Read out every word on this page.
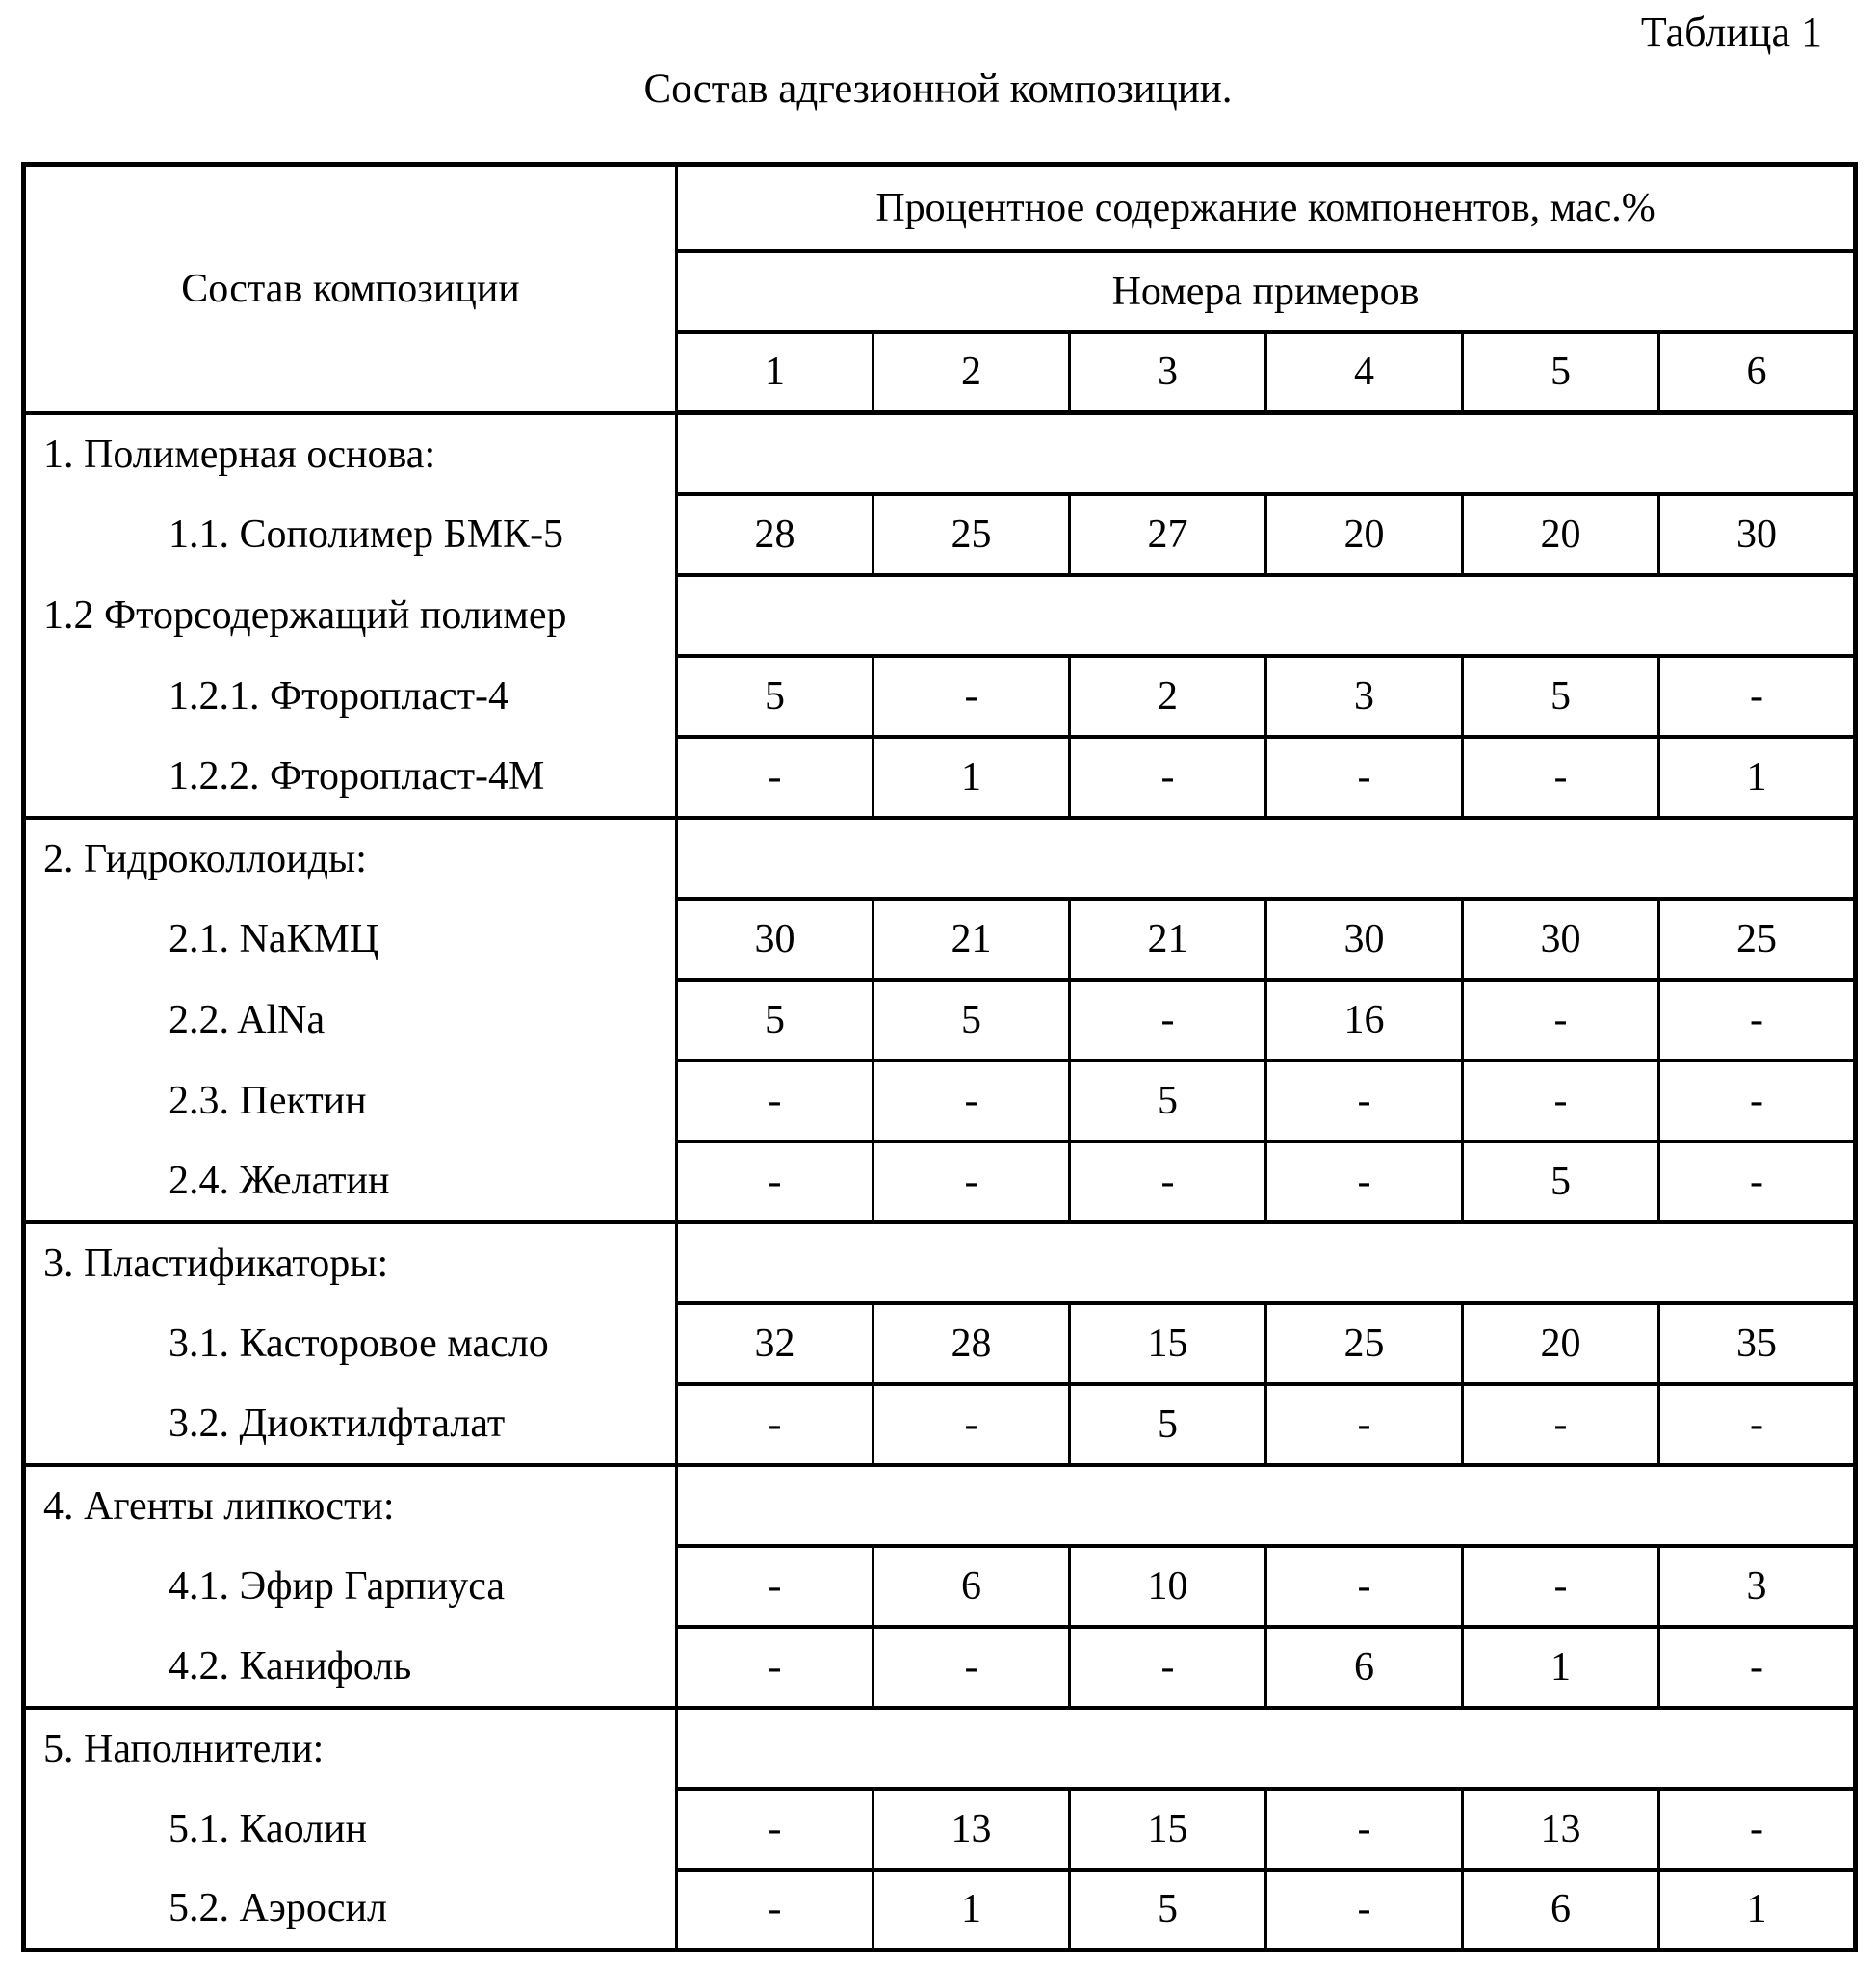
Таблица 1
Состав адгезионной композиции.
Состав композиции	Процентное содержание компонентов, мас.%					
	Номера примеров					
	1	2	3	4	5	6
1. Полимерная основа:						
1.1. Сополимер БМК-5	28	25	27	20	20	30
1.2 Фторсодержащий полимер						
1.2.1. Фторопласт-4	5	-	2	3	5	-
1.2.2. Фторопласт-4М	-	1	-	-	-	1
2. Гидроколлоиды:						
2.1. NaКМЦ	30	21	21	30	30	25
2.2. AlNa	5	5	-	16	-	-
2.3. Пектин	-	-	5	-	-	-
2.4. Желатин	-	-	-	-	5	-
3. Пластификаторы:						
3.1. Касторовое масло	32	28	15	25	20	35
3.2. Диоктилфталат	-	-	5	-	-	-
4. Агенты липкости:						
4.1. Эфир Гарпиуса	-	6	10	-	-	3
4.2. Канифоль	-	-	-	6	1	-
5. Наполнители:						
5.1. Каолин	-	13	15	-	13	-
5.2. Аэросил	-	1	5	-	6	1
